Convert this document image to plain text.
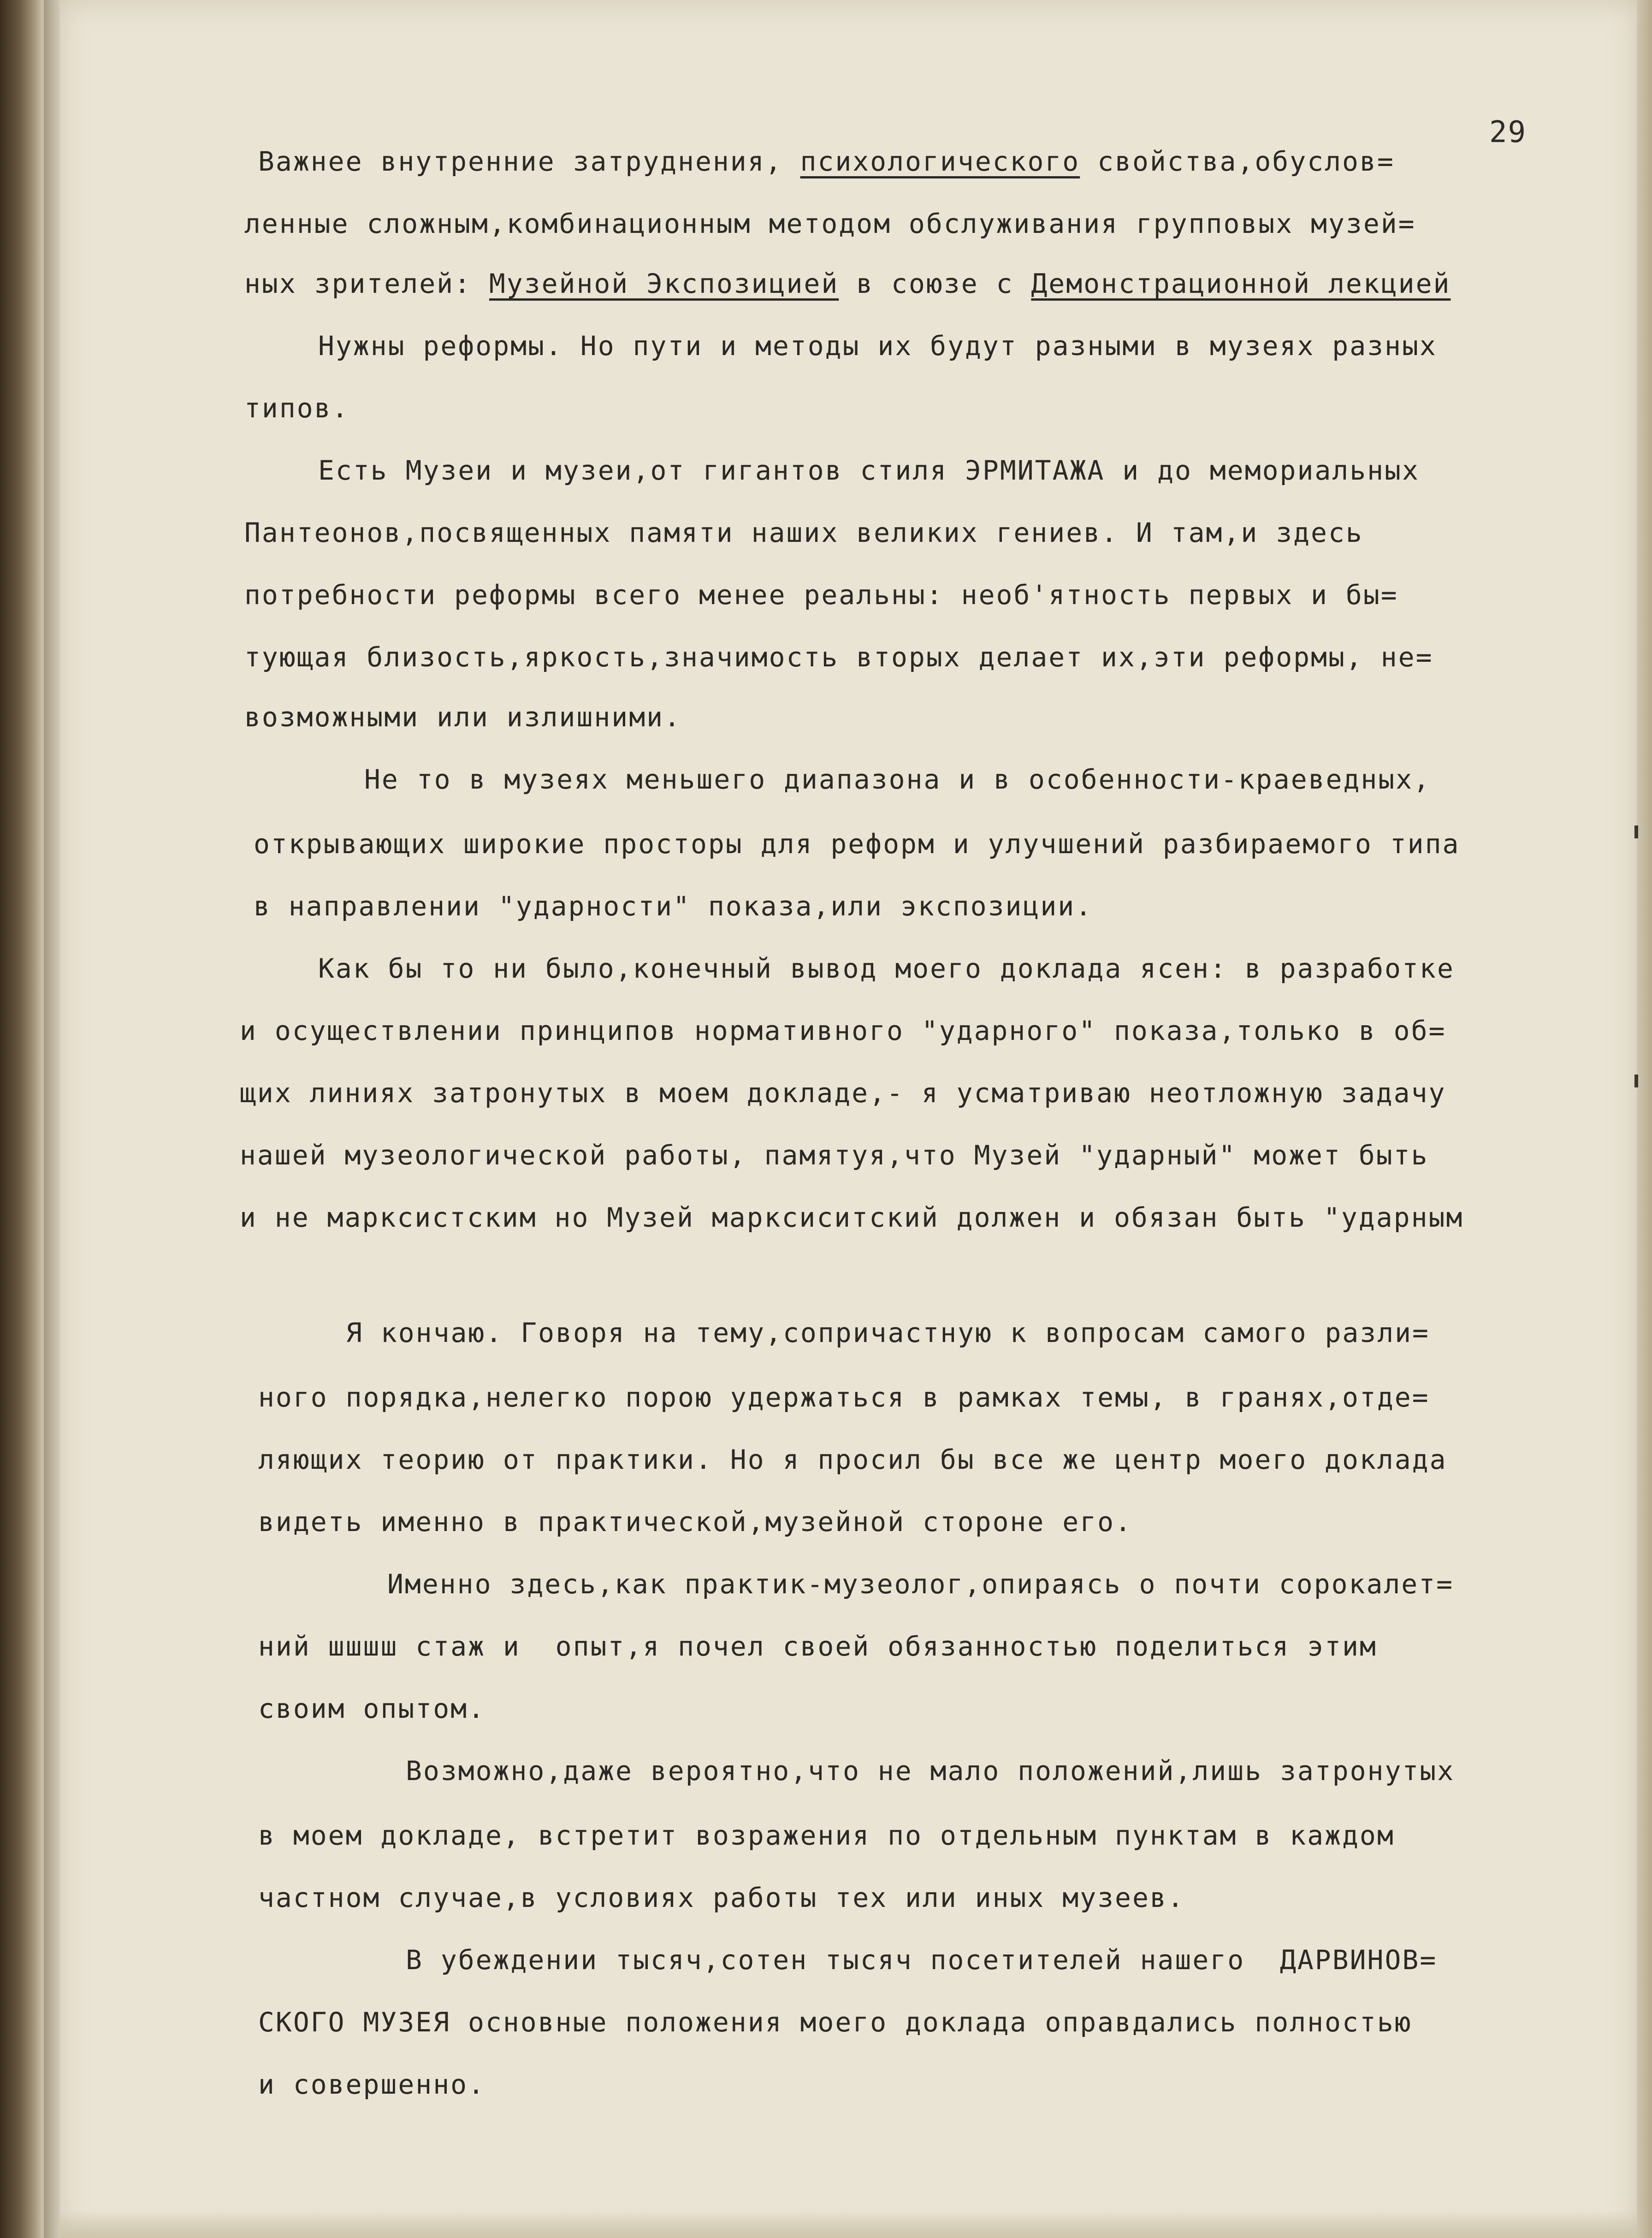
29

Важнее внутренние затруднения, психологического свойства,обуслов=

ленные сложным,комбинационным методом обслуживания групповых музей=

ных зрителей: Музейной Экспозицией в союзе с Демонстрационной лекцией

Нужны реформы. Но пути и методы их будут разными в музеях разных

типов.

Есть Музеи и музеи,от гигантов стиля ЭРМИТАЖА и до мемориальных

Пантеонов,посвященных памяти наших великих гениев. И там,и здесь

потребности реформы всего менее реальны: необ'ятность первых и бы=

тующая близость,яркость,значимость вторых делает их,эти реформы, не=

возможными или излишними.

Не то в музеях меньшего диапазона и в особенности-краеведных,

открывающих широкие просторы для реформ и улучшений разбираемого типа

в направлении "ударности" показа,или экспозиции.

Как бы то ни было,конечный вывод моего доклада ясен: в разработке

и осуществлении принципов нормативного "ударного" показа,только в об=

щих линиях затронутых в моем докладе,- я усматриваю неотложную задачу

нашей музеологической работы, памятуя,что Музей "ударный" может быть

и не марксистским но Музей марксиситский должен и обязан быть "ударным

Я кончаю. Говоря на тему,сопричастную к вопросам самого разли=

ного порядка,нелегко порою удержаться в рамках темы, в гранях,отде=

ляющих теорию от практики. Но я просил бы все же центр моего доклада

видеть именно в практической,музейной стороне его.

Именно здесь,как практик-музеолог,опираясь о почти сорокалет=

ний шшшш стаж и  опыт,я почел своей обязанностью поделиться этим

своим опытом.

Возможно,даже вероятно,что не мало положений,лишь затронутых

в моем докладе, встретит возражения по отдельным пунктам в каждом

частном случае,в условиях работы тех или иных музеев.

В убеждении тысяч,сотен тысяч посетителей нашего  ДАРВИНОВ=

СКОГО МУЗЕЯ основные положения моего доклада оправдались полностью

и совершенно.
